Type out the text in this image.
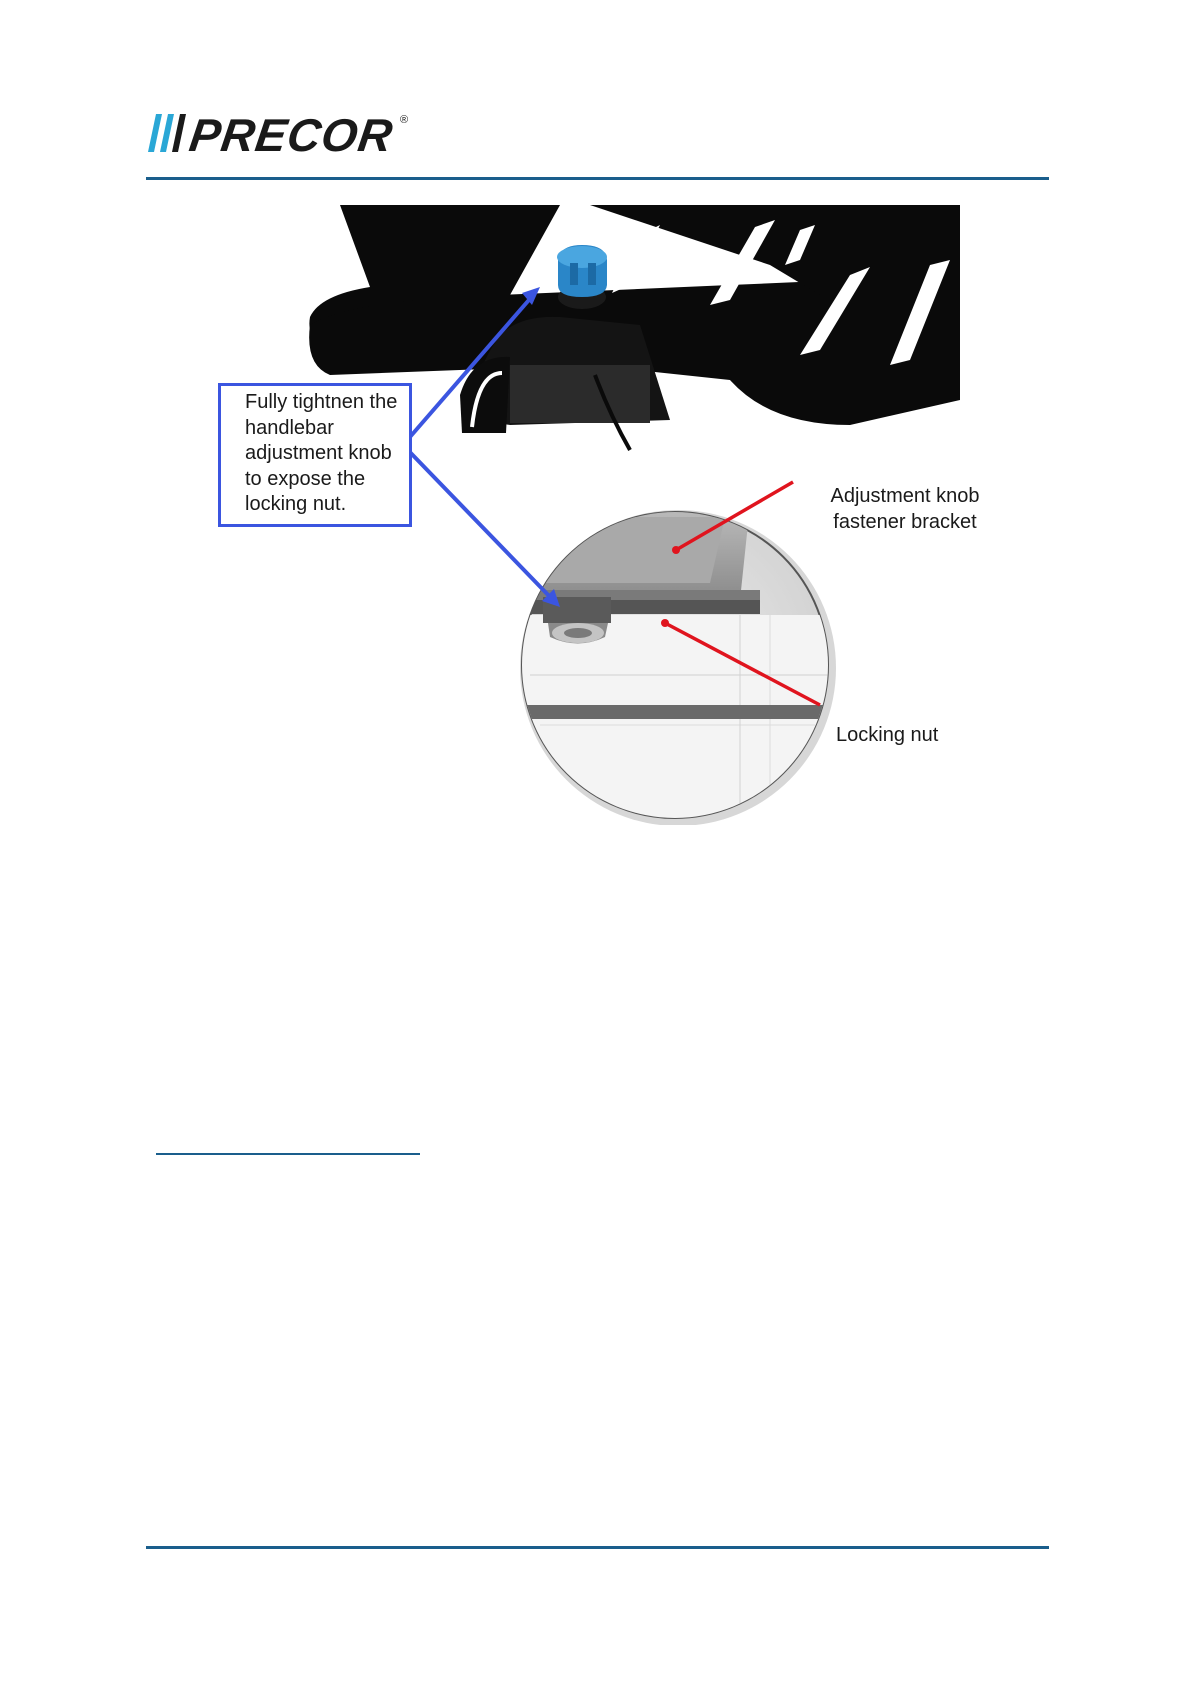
PRECOR ®
Fully tightnen the
handlebar
adjustment knob
to expose the
locking nut.	Adjustment knob
fastener bracket
Locking nut
